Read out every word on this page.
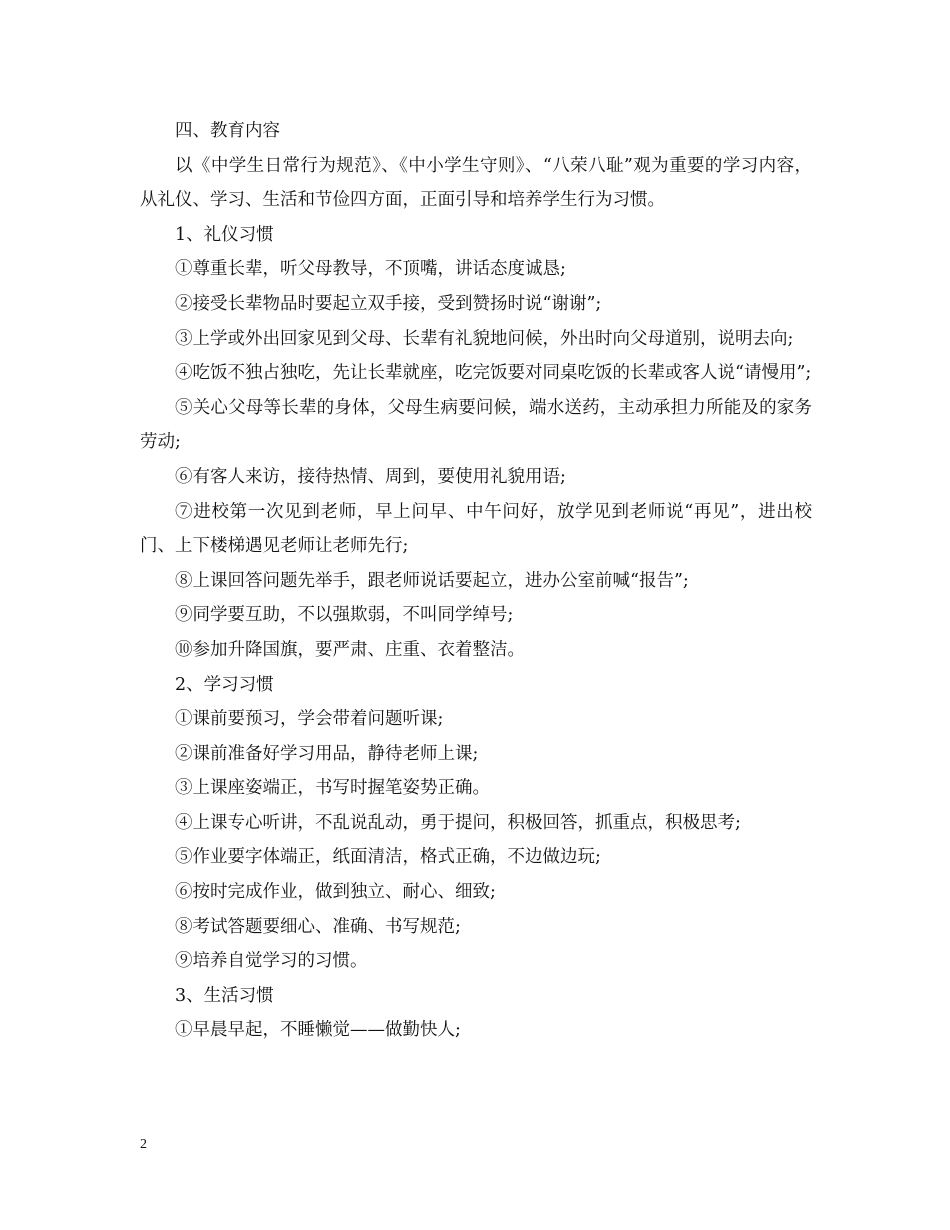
四、教育内容

以《中学生日常行为规范》、《中小学生守则》、“八荣八耻”观为重要的学习内容，从礼仪、学习、生活和节俭四方面，正面引导和培养学生行为习惯。

1、礼仪习惯

①尊重长辈，听父母教导，不顶嘴，讲话态度诚恳;

②接受长辈物品时要起立双手接，受到赞扬时说“谢谢”;

③上学或外出回家见到父母、长辈有礼貌地问候，外出时向父母道别，说明去向;

④吃饭不独占独吃，先让长辈就座，吃完饭要对同桌吃饭的长辈或客人说“请慢用”;

⑤关心父母等长辈的身体，父母生病要问候，端水送药，主动承担力所能及的家务劳动;

⑥有客人来访，接待热情、周到，要使用礼貌用语;

⑦进校第一次见到老师，早上问早、中午问好，放学见到老师说“再见”，进出校门、上下楼梯遇见老师让老师先行;

⑧上课回答问题先举手，跟老师说话要起立，进办公室前喊“报告”;

⑨同学要互助，不以强欺弱，不叫同学绰号;

⑩参加升降国旗，要严肃、庄重、衣着整洁。

2、学习习惯

①课前要预习，学会带着问题听课;

②课前准备好学习用品，静待老师上课;

③上课座姿端正，书写时握笔姿势正确。

④上课专心听讲，不乱说乱动，勇于提问，积极回答，抓重点，积极思考;

⑤作业要字体端正，纸面清洁，格式正确，不边做边玩;

⑥按时完成作业，做到独立、耐心、细致;

⑧考试答题要细心、准确、书写规范;

⑨培养自觉学习的习惯。

3、生活习惯

①早晨早起，不睡懒觉——做勤快人;

2
